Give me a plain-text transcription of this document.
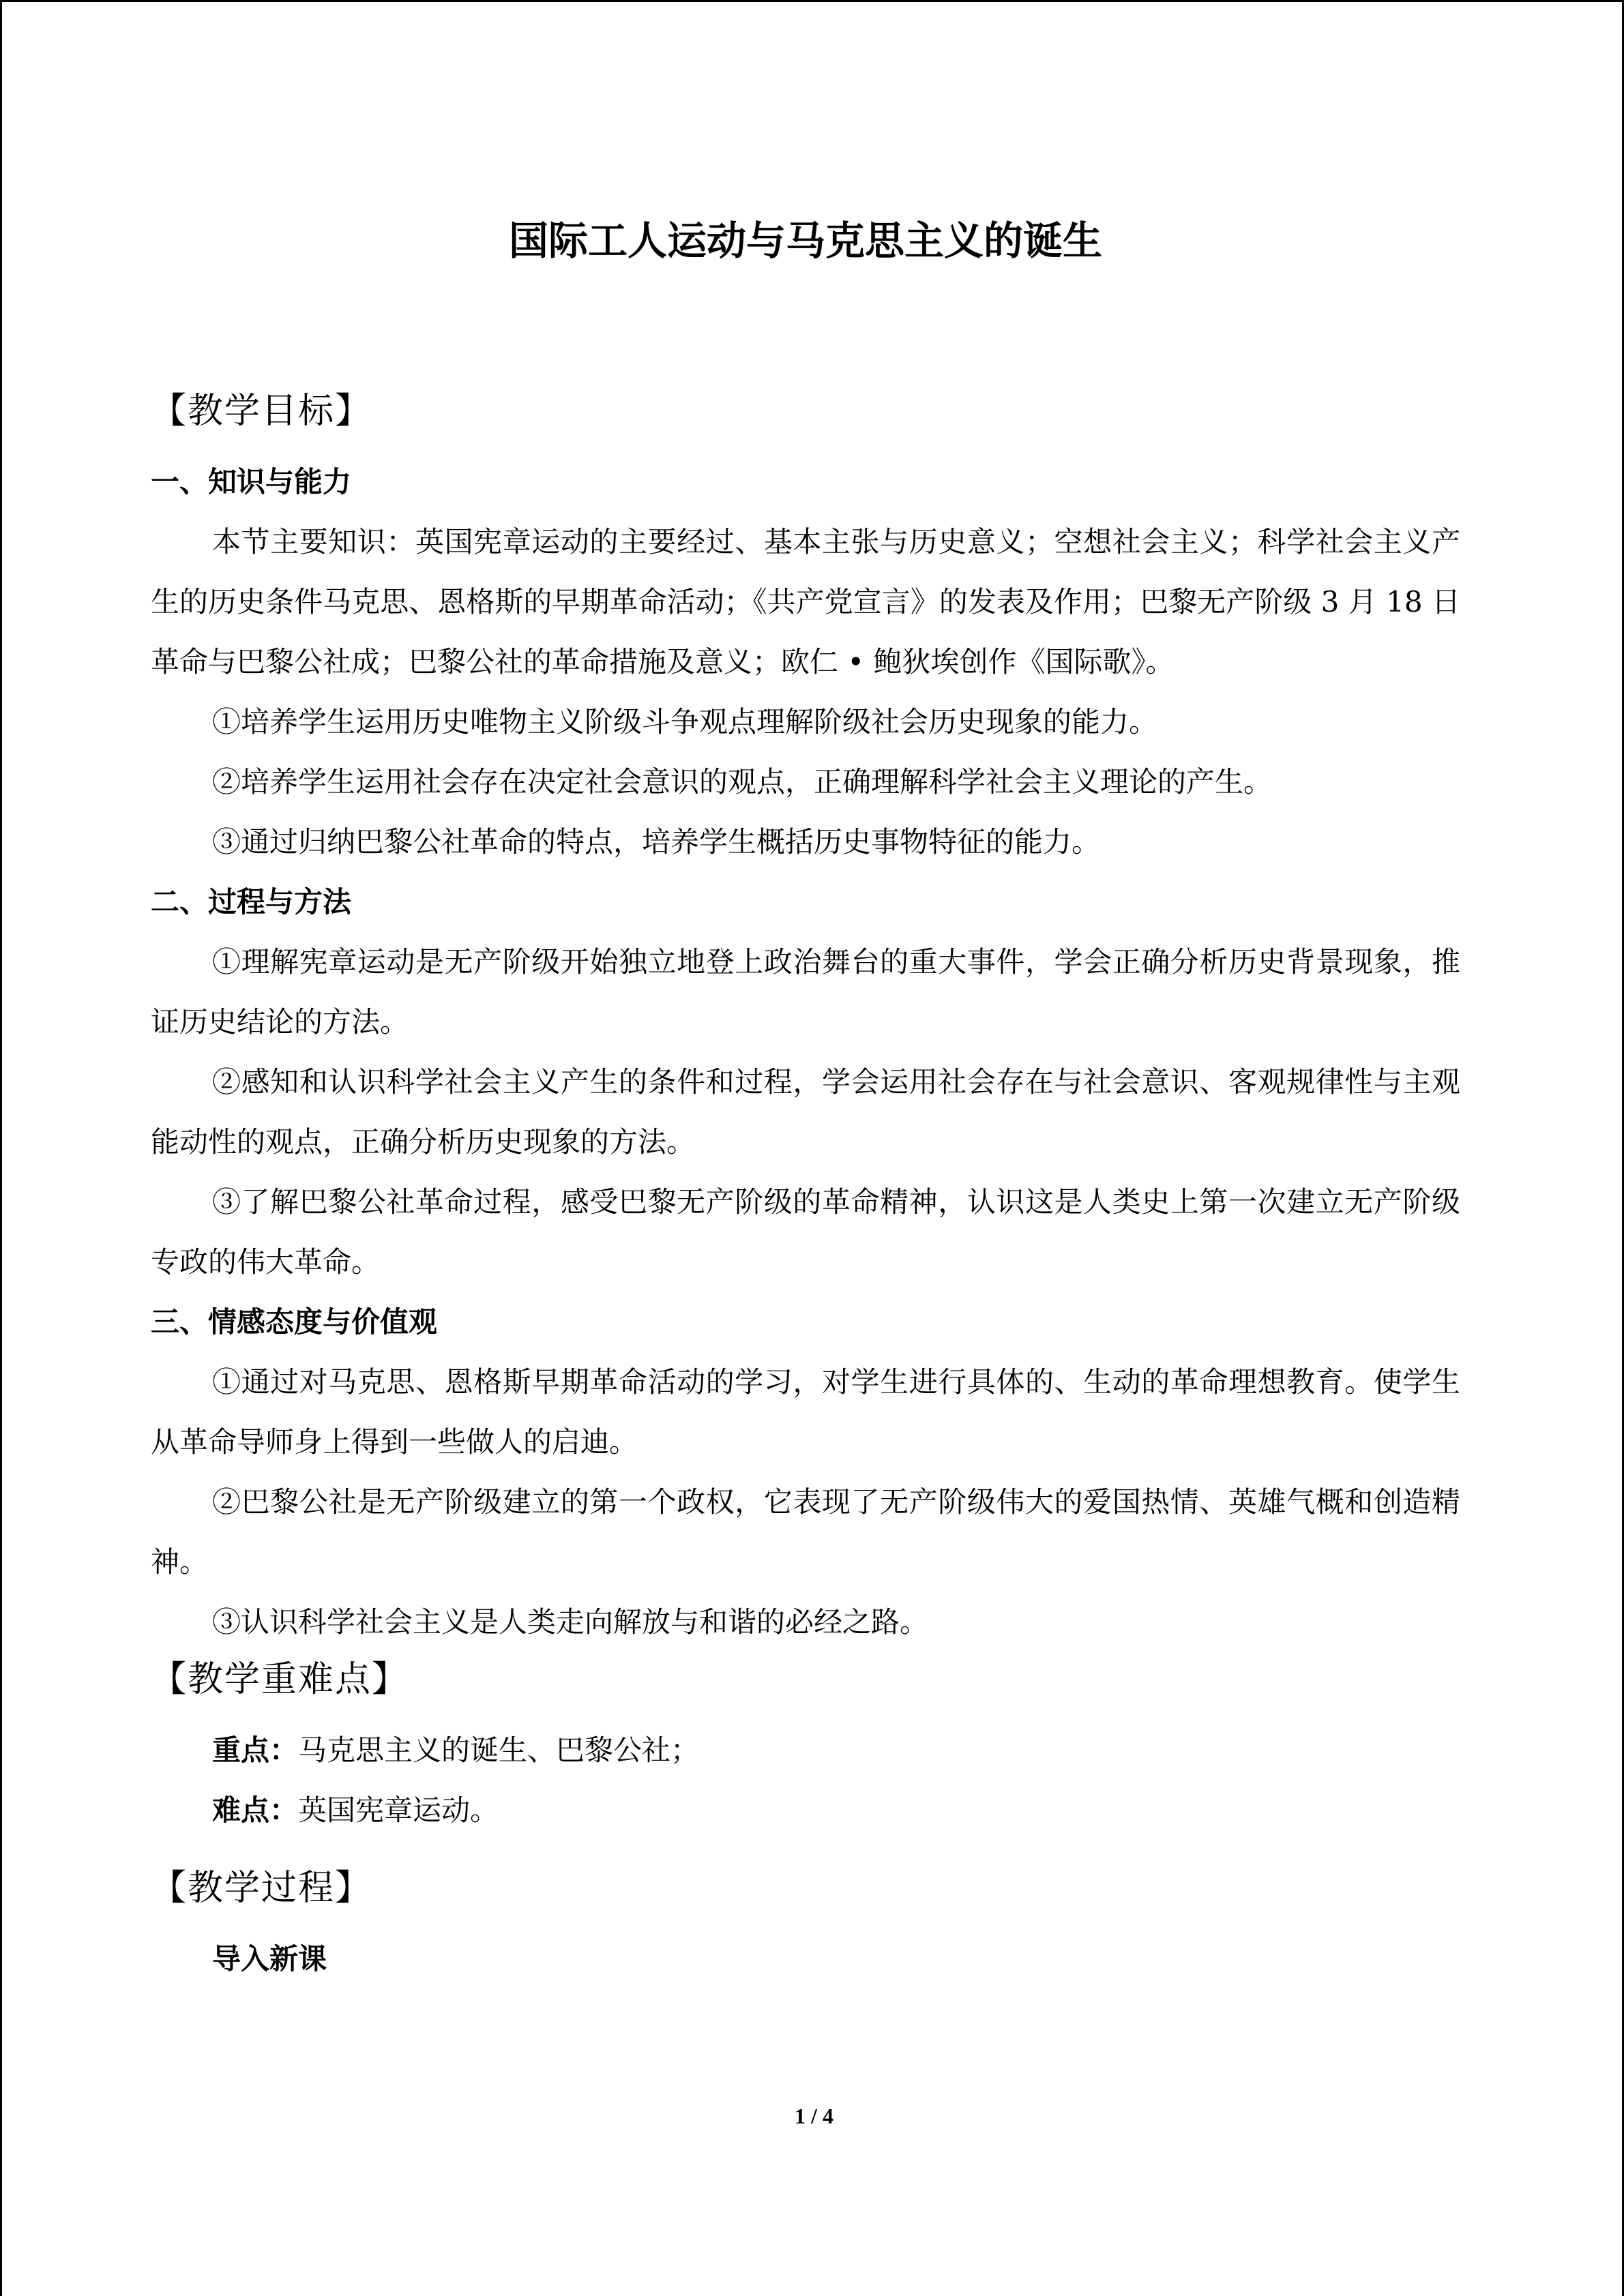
国际工人运动与马克思主义的诞生
【教学目标】
一、知识与能力

本节主要知识：英国宪章运动的主要经过、基本主张与历史意义；空想社会主义；科学社会主义产生的历史条件马克思、恩格斯的早期革命活动；《共产党宣言》的发表及作用；巴黎无产阶级 3 月 18 日革命与巴黎公社成；巴黎公社的革命措施及意义；欧仁 • 鲍狄埃创作《国际歌》。

①培养学生运用历史唯物主义阶级斗争观点理解阶级社会历史现象的能力。

②培养学生运用社会存在决定社会意识的观点，正确理解科学社会主义理论的产生。

③通过归纳巴黎公社革命的特点，培养学生概括历史事物特征的能力。

二、过程与方法

①理解宪章运动是无产阶级开始独立地登上政治舞台的重大事件，学会正确分析历史背景现象，推证历史结论的方法。

②感知和认识科学社会主义产生的条件和过程，学会运用社会存在与社会意识、客观规律性与主观能动性的观点，正确分析历史现象的方法。

③了解巴黎公社革命过程，感受巴黎无产阶级的革命精神，认识这是人类史上第一次建立无产阶级专政的伟大革命。

三、情感态度与价值观

①通过对马克思、恩格斯早期革命活动的学习，对学生进行具体的、生动的革命理想教育。使学生从革命导师身上得到一些做人的启迪。

②巴黎公社是无产阶级建立的第一个政权，它表现了无产阶级伟大的爱国热情、英雄气概和创造精神。

③认识科学社会主义是人类走向解放与和谐的必经之路。

【教学重难点】

重点：马克思主义的诞生、巴黎公社；

难点：英国宪章运动。

【教学过程】
导入新课
1 / 4
